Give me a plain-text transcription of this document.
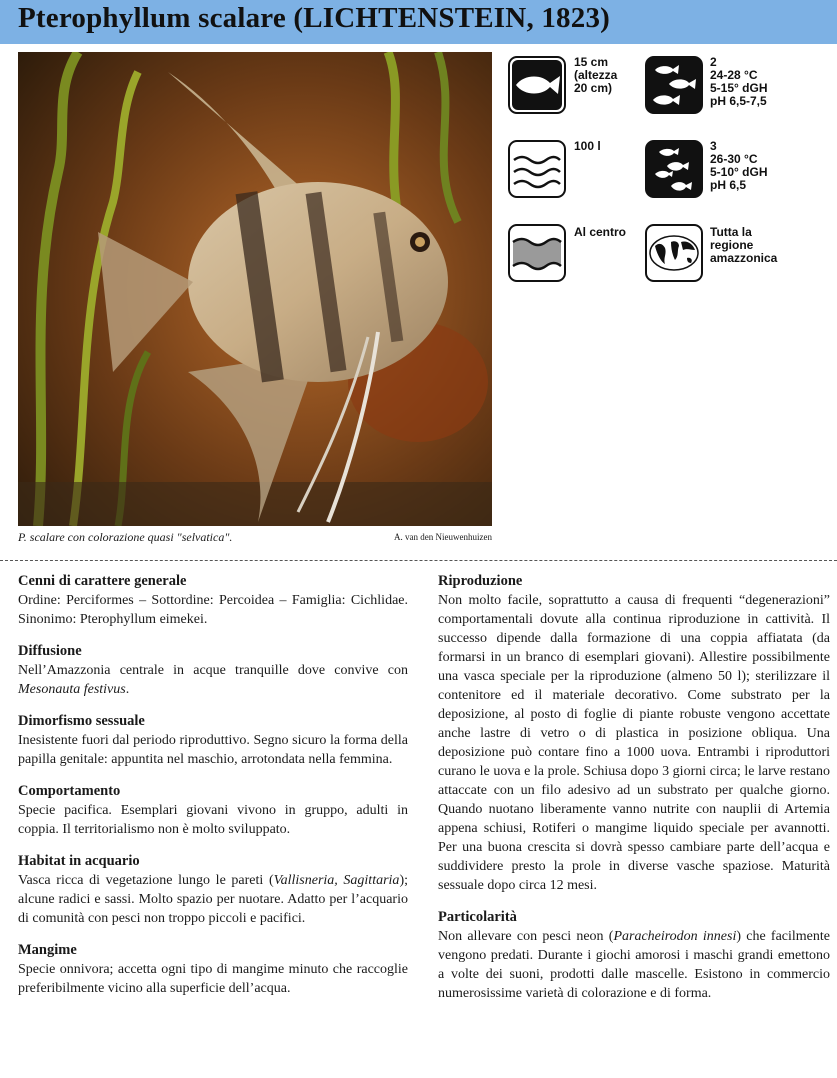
Pterophyllum scalare (LICHTENSTEIN, 1823)
P. scalare con colorazione quasi "selvatica".	A. van den Nieuwenhuizen
15 cm
(altezza
20 cm)
2
24-28 °C
5-15° dGH
pH 6,5-7,5
100 l	3
26-30 °C
5-10° dGH
pH 6,5
Al centro	Tutta la
regione
amazzonica
Cenni di carattere generale

Ordine: Perciformes – Sottordine: Percoidea – Famiglia: Cichlidae. Sinonimo: Pterophyllum eimekei.

Diffusione

Nell’Amazzonia centrale in acque tranquille dove convive con Mesonauta festivus.

Dimorfismo sessuale

Inesistente fuori dal periodo riproduttivo. Segno sicuro la forma della papilla genitale: appuntita nel maschio, arrotondata nella femmina.

Comportamento

Specie pacifica. Esemplari giovani vivono in gruppo, adulti in coppia. Il territorialismo non è molto sviluppato.

Habitat in acquario

Vasca ricca di vegetazione lungo le pareti (Vallisneria, Sagittaria); alcune radici e sassi. Molto spazio per nuotare. Adatto per l’acquario di comunità con pesci non troppo piccoli e pacifici.

Mangime

Specie onnivora; accetta ogni tipo di mangime minuto che raccoglie preferibilmente vicino alla superficie dell’acqua.

Riproduzione

Non molto facile, soprattutto a causa di frequenti “degenerazioni” comportamentali dovute alla continua riproduzione in cattività. Il successo dipende dalla formazione di una coppia affiatata (da formarsi in un branco di esemplari giovani). Allestire possibilmente una vasca speciale per la riproduzione (almeno 50 l); sterilizzare il contenitore ed il materiale decorativo. Come substrato per la deposizione, al posto di foglie di piante robuste vengono accettate anche lastre di vetro o di plastica in posizione obliqua. Una deposizione può contare fino a 1000 uova. Entrambi i riproduttori curano le uova e la prole. Schiusa dopo 3 giorni circa; le larve restano attaccate con un filo adesivo ad un substrato per qualche giorno. Quando nuotano liberamente vanno nutrite con nauplii di Artemia appena schiusi, Rotiferi o mangime liquido speciale per avannotti. Per una buona crescita si dovrà spesso cambiare parte dell’acqua e suddividere presto la prole in diverse vasche spaziose. Maturità sessuale dopo circa 12 mesi.

Particolarità

Non allevare con pesci neon (Paracheirodon innesi) che facilmente vengono predati. Durante i giochi amorosi i maschi grandi emettono a volte dei suoni, prodotti dalle mascelle. Esistono in commercio numerosissime varietà di colorazione e di forma.
